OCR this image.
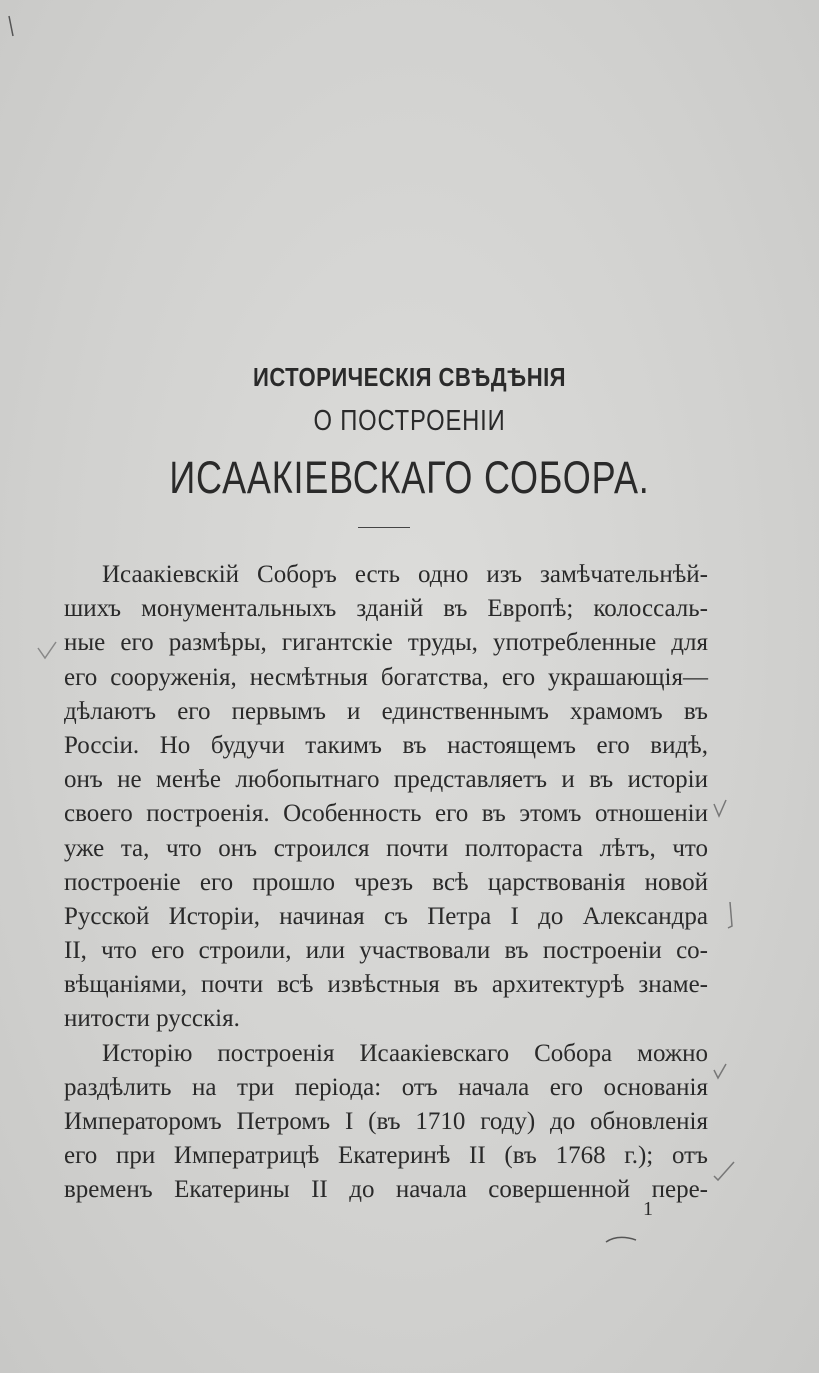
ИСТОРИЧЕСКІЯ СВѢДѢНІЯ
О ПОСТРОЕНІИ
ИСААКІЕВСКАГО СОБОРА.

Исаакіевскій Соборъ есть одно изъ замѣчательнѣй-
шихъ монументальныхъ зданій въ Европѣ; колоссаль-
ные его размѣры, гигантскіе труды, употребленные для
его сооруженія, несмѣтныя богатства, его украшающія—
дѣлаютъ его первымъ и единственнымъ храмомъ въ
Россіи. Но будучи такимъ въ настоящемъ его видѣ,
онъ не менѣе любопытнаго представляетъ и въ исторіи
своего построенія. Особенность его въ этомъ отношеніи
уже та, что онъ строился почти полтораста лѣтъ, что
построеніе его прошло чрезъ всѣ царствованія новой
Русской Исторіи, начиная съ Петра I до Александра
II, что его строили, или участвовали въ построеніи со-
вѣщаніями, почти всѣ извѣстныя въ архитектурѣ знаме-
нитости русскія.

Исторію построенія Исаакіевскаго Собора можно
раздѣлить на три періода: отъ начала его основанія
Императоромъ Петромъ I (въ 1710 году) до обновленія
его при Императрицѣ Екатеринѣ II (въ 1768 г.); отъ
временъ Екатерины II до начала совершенной пере-

1
